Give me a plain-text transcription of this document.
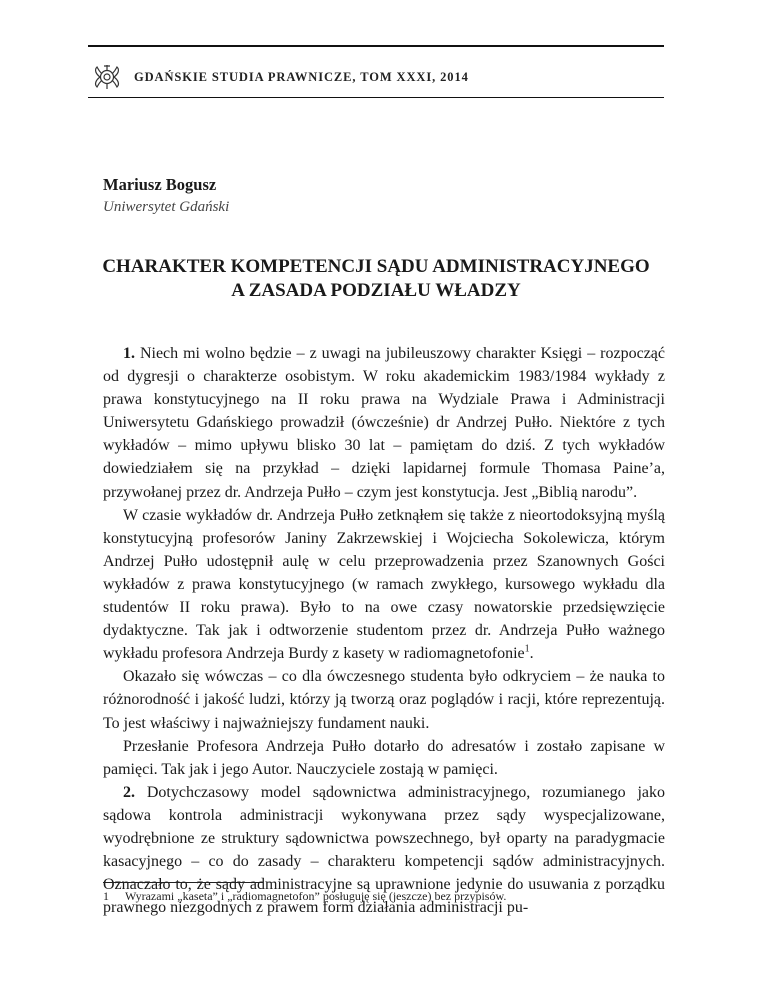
GDAŃSKIE STUDIA PRAWNICZE, TOM XXXI, 2014
Mariusz Bogusz
Uniwersytet Gdański
CHARAKTER KOMPETENCJI SĄDU ADMINISTRACYJNEGO
A ZASADA PODZIAŁU WŁADZY

1. Niech mi wolno będzie – z uwagi na jubileuszowy charakter Księgi – rozpocząć od dygresji o charakterze osobistym. W roku akademickim 1983/1984 wykłady z prawa konstytucyjnego na II roku prawa na Wydziale Prawa i Administracji Uniwersytetu Gdańskiego prowadził (ówcześnie) dr Andrzej Pułło. Niektóre z tych wykładów – mimo upływu blisko 30 lat – pamiętam do dziś. Z tych wykładów dowiedziałem się na przykład – dzięki lapidarnej formule Thomasa Paine’a, przywołanej przez dr. Andrzeja Pułło – czym jest konstytucja. Jest „Biblią narodu”.

W czasie wykładów dr. Andrzeja Pułło zetknąłem się także z nieortodoksyjną myślą konstytucyjną profesorów Janiny Zakrzewskiej i Wojciecha Sokolewicza, którym Andrzej Pułło udostępnił aulę w celu przeprowadzenia przez Szanownych Gości wykładów z prawa konstytucyjnego (w ramach zwykłego, kursowego wykładu dla studentów II roku prawa). Było to na owe czasy nowatorskie przedsięwzięcie dydaktyczne. Tak jak i odtworzenie studentom przez dr. Andrzeja Pułło ważnego wykładu profesora Andrzeja Burdy z kasety w radiomagnetofonie$^1$.

Okazało się wówczas – co dla ówczesnego studenta było odkryciem – że nauka to różnorodność i jakość ludzi, którzy ją tworzą oraz poglądów i racji, które reprezentują. To jest właściwy i najważniejszy fundament nauki.

Przesłanie Profesora Andrzeja Pułło dotarło do adresatów i zostało zapisane w pamięci. Tak jak i jego Autor. Nauczyciele zostają w pamięci.

2. Dotychczasowy model sądownictwa administracyjnego, rozumianego jako sądowa kontrola administracji wykonywana przez sądy wyspecjalizowane, wyodrębnione ze struktury sądownictwa powszechnego, był oparty na paradygmacie kasacyjnego – co do zasady – charakteru kompetencji sądów administracyjnych. Oznaczało to, że sądy administracyjne są uprawnione jedynie do usuwania z porządku prawnego niezgodnych z prawem form działania administracji pu-

1 Wyrazami „kaseta” i „radiomagnetofon” posługuję się (jeszcze) bez przypisów.
